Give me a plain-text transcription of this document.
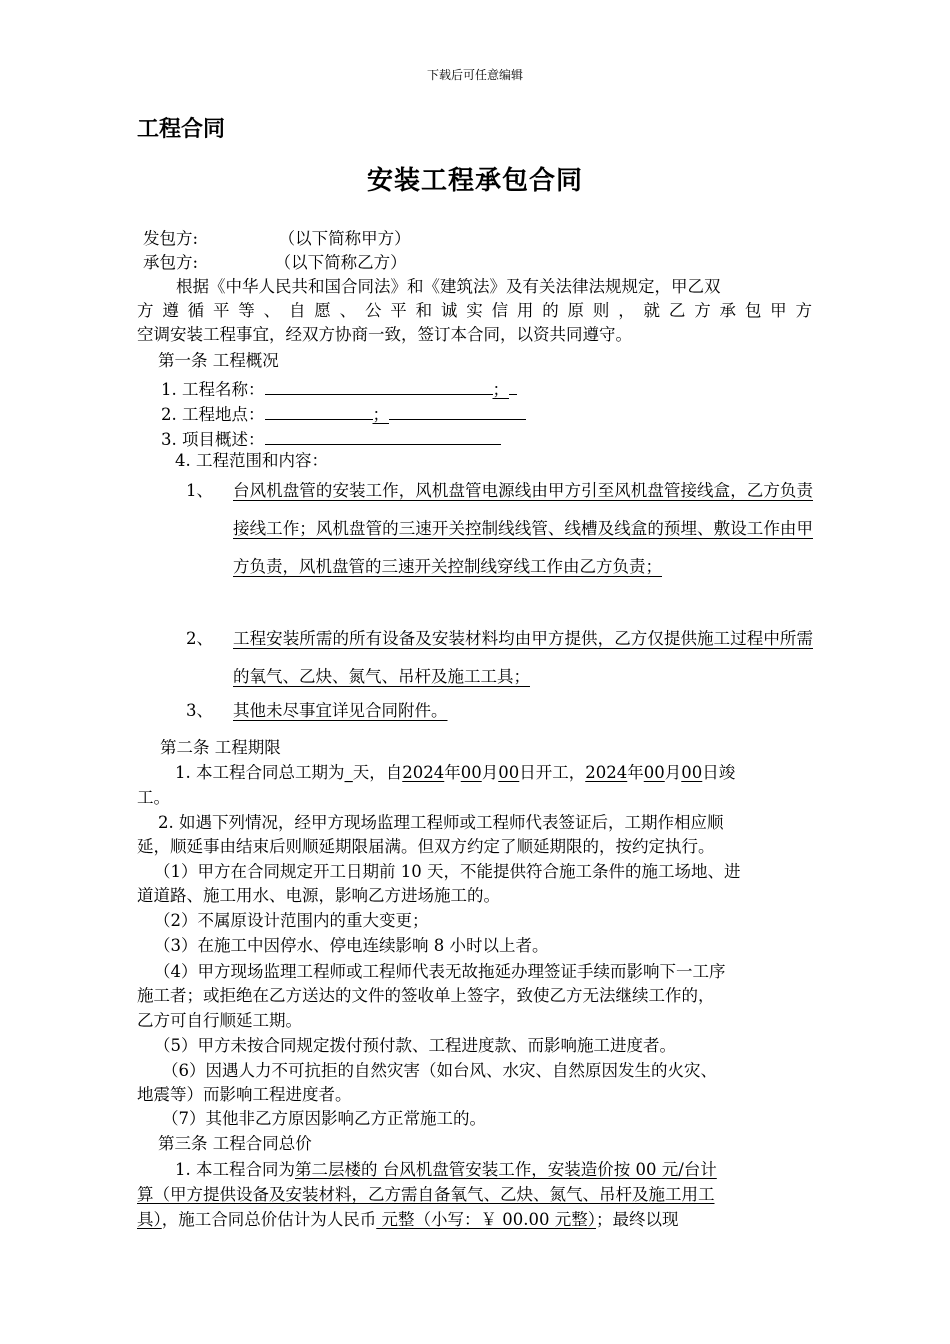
下载后可任意编辑
工程合同
安装工程承包合同
发包方:	（以下简称甲方）
承包方:	（以下简称乙方）
根据《中华人民共和国合同法》和《建筑法》及有关法律法规规定，甲乙双
方遵循平等、自愿、公平和诚实信用的原则，就乙方承包甲方
空调安装工程事宜，经双方协商一致，签订本合同，以资共同遵守。
第一条 工程概况
1. 工程名称：	；
2. 工程地点：	；
3. 项目概述：
4. 工程范围和内容：
1、 台风机盘管的安装工作，风机盘管电源线由甲方引至风机盘管接线盒，乙方负责接线工作；风机盘管的三速开关控制线线管、线槽及线盒的预埋、敷设工作由甲方负责，风机盘管的三速开关控制线穿线工作由乙方负责；
2、 工程安装所需的所有设备及安装材料均由甲方提供，乙方仅提供施工过程中所需的氧气、乙炔、氮气、吊杆及施工工具；
3、 其他未尽事宜详见合同附件。
第二条 工程期限
1. 本工程合同总工期为_天，自2024年00月00日开工，2024年00月00日竣
工。
2. 如遇下列情况，经甲方现场监理工程师或工程师代表签证后，工期作相应顺
延，顺延事由结束后则顺延期限届满。但双方约定了顺延期限的，按约定执行。
（1）甲方在合同规定开工日期前 10 天，不能提供符合施工条件的施工场地、进
道道路、施工用水、电源，影响乙方进场施工的。
（2）不属原设计范围内的重大变更；
（3）在施工中因停水、停电连续影响 8 小时以上者。
（4）甲方现场监理工程师或工程师代表无故拖延办理签证手续而影响下一工序
施工者；或拒绝在乙方送达的文件的签收单上签字，致使乙方无法继续工作的，
乙方可自行顺延工期。
（5）甲方未按合同规定拨付预付款、工程进度款、而影响施工进度者。
（6）因遇人力不可抗拒的自然灾害（如台风、水灾、自然原因发生的火灾、
地震等）而影响工程进度者。
（7）其他非乙方原因影响乙方正常施工的。
第三条 工程合同总价
1. 本工程合同为第二层楼的 台风机盘管安装工作，安装造价按 00 元/台计
算（甲方提供设备及安装材料，乙方需自备氧气、乙炔、氮气、吊杆及施工用工
具），施工合同总价估计为人民币 元整（小写：￥ 00.00 元整）；最终以现
